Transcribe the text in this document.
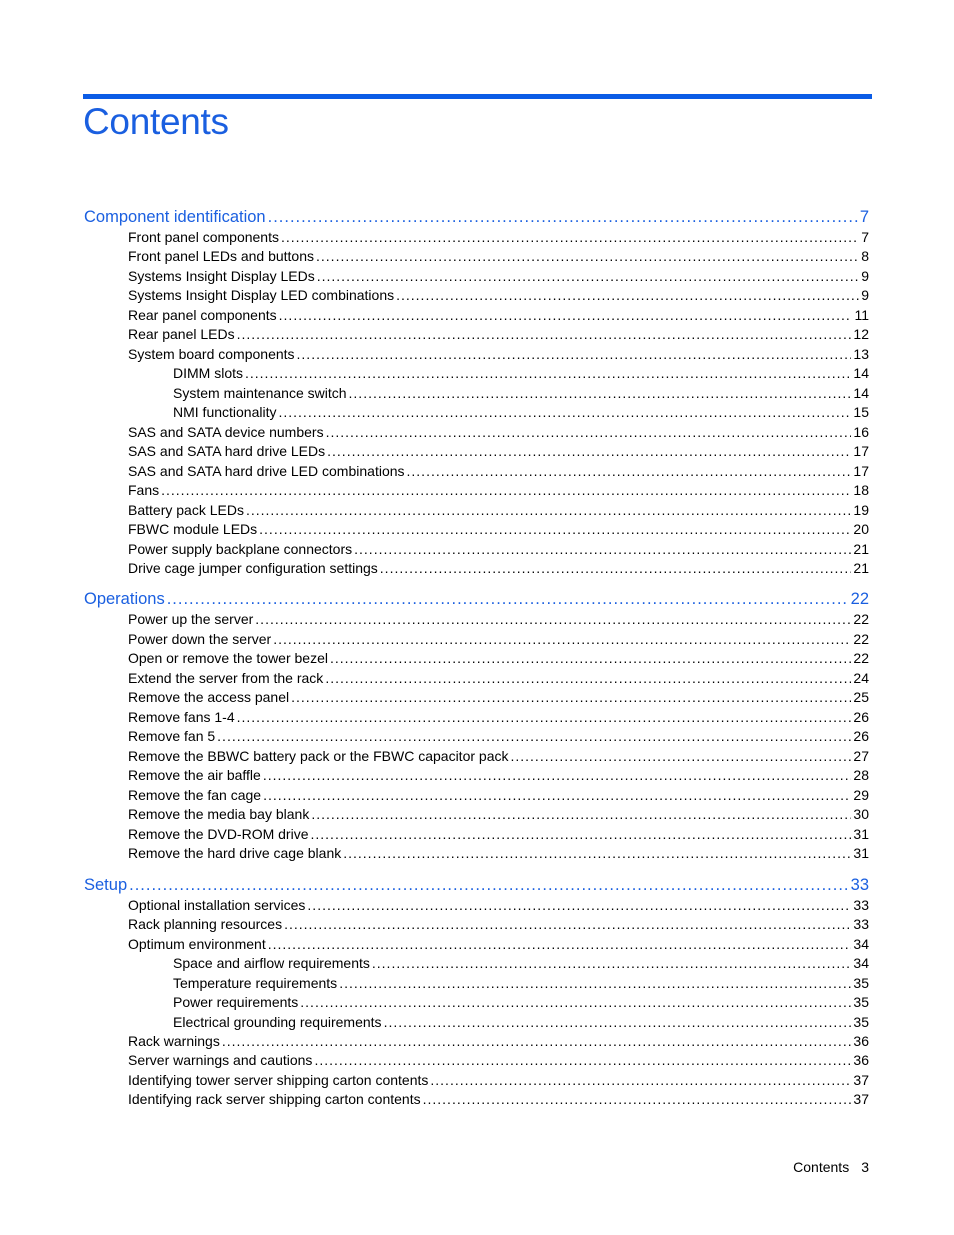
Contents
Component identification .....	7
Front panel components .....	7
Front panel LEDs and buttons .....	8
Systems Insight Display LEDs .....	9
Systems Insight Display LED combinations .....	9
Rear panel components .....	11
Rear panel LEDs .....	12
System board components .....	13
DIMM slots .....	14
System maintenance switch .....	14
NMI functionality .....	15
SAS and SATA device numbers .....	16
SAS and SATA hard drive LEDs .....	17
SAS and SATA hard drive LED combinations .....	17
Fans .....	18
Battery pack LEDs .....	19
FBWC module LEDs .....	20
Power supply backplane connectors .....	21
Drive cage jumper configuration settings .....	21
Operations .....	22
Power up the server .....	22
Power down the server .....	22
Open or remove the tower bezel .....	22
Extend the server from the rack .....	24
Remove the access panel .....	25
Remove fans 1-4 .....	26
Remove fan 5 .....	26
Remove the BBWC battery pack or the FBWC capacitor pack .....	27
Remove the air baffle .....	28
Remove the fan cage .....	29
Remove the media bay blank .....	30
Remove the DVD-ROM drive .....	31
Remove the hard drive cage blank .....	31
Setup .....	33
Optional installation services .....	33
Rack planning resources .....	33
Optimum environment .....	34
Space and airflow requirements .....	34
Temperature requirements .....	35
Power requirements .....	35
Electrical grounding requirements .....	35
Rack warnings .....	36
Server warnings and cautions .....	36
Identifying tower server shipping carton contents .....	37
Identifying rack server shipping carton contents .....	37
Contents 3
